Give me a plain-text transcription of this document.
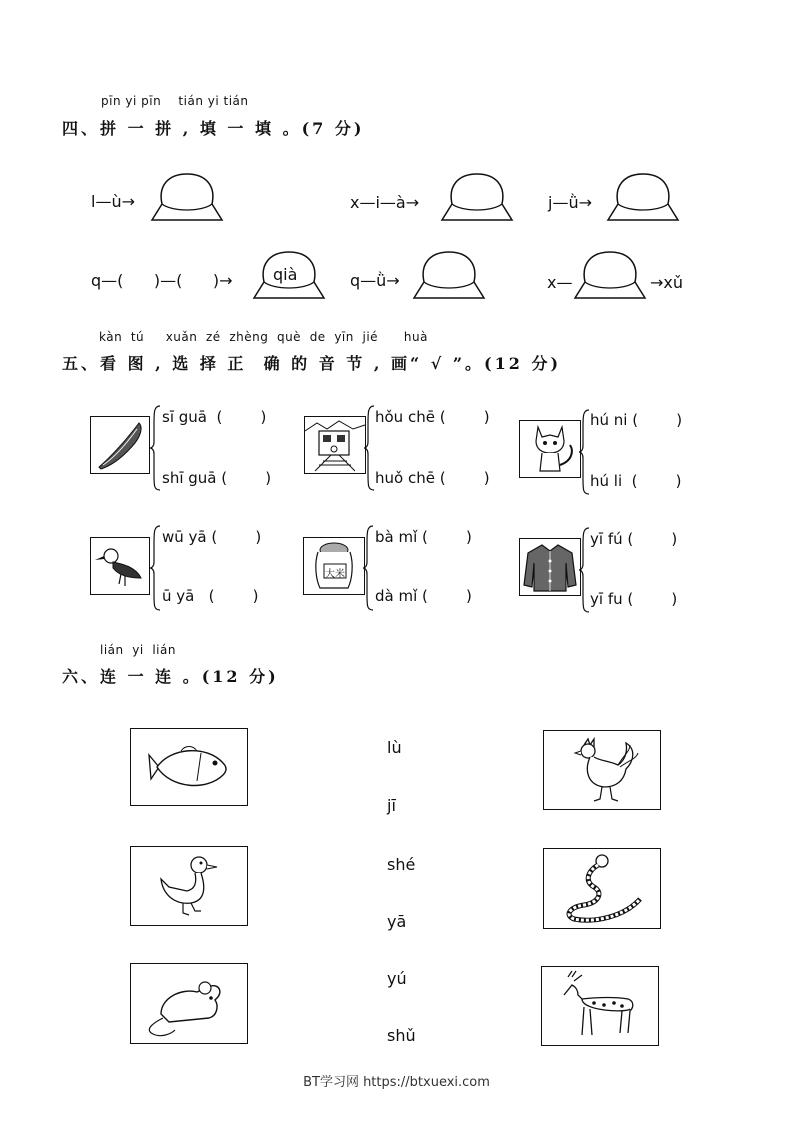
pīn yi pīn    tián yi tián
四、拼 一 拼 , 填 一 填 。(7 分)
l—ù→	x—i—à→	j—ǜ→
q—(      )—(      )→	qià	q—ǜ→	x—	→xǔ
kàn  tú     xuǎn  zé  zhèng  què  de  yīn  jié      huà
五、看 图 , 选 择 正  确 的 音 节 , 画“ √ ”。(12 分)
sī guā  (        )
shī guā (        )
hǒu chē (        )
huǒ chē (        )
hú ni (        )
hú li  (        )
wū yā (        )
ū yā   (        )
大米
bà mǐ (        )
dà mǐ (        )
yī fú (        )
yī fu (        )
lián  yi  lián
六、连 一 连 。(12 分)
lù
jī
shé
yā
yú
shǔ
BT学习网 https://btxuexi.com
